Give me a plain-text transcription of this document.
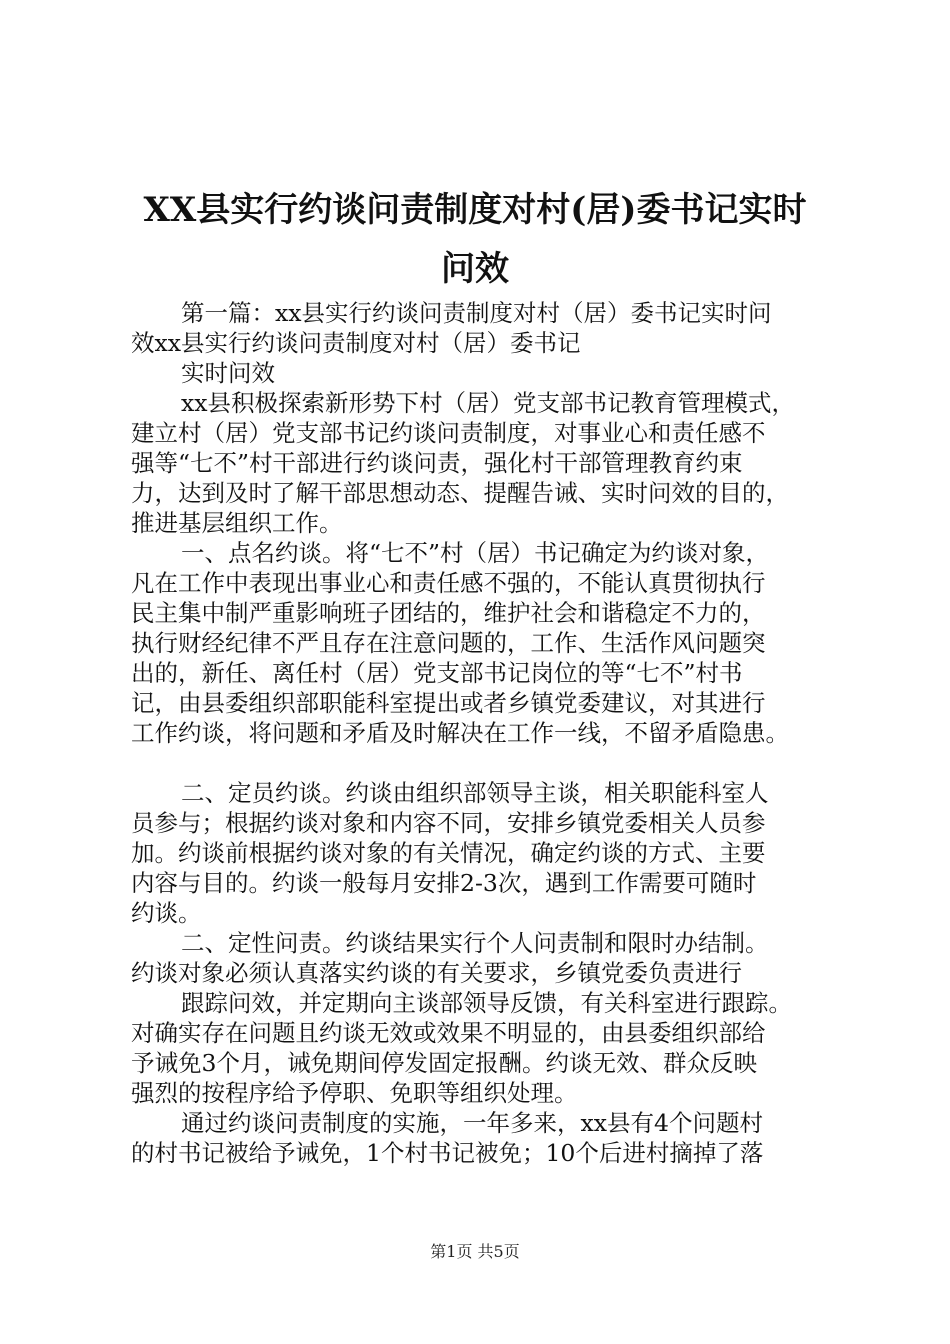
XX县实行约谈问责制度对村(居)委书记实时
问效
第一篇：xx县实行约谈问责制度对村（居）委书记实时问
效xx县实行约谈问责制度对村（居）委书记
实时问效
xx县积极探索新形势下村（居）党支部书记教育管理模式，
建立村（居）党支部书记约谈问责制度，对事业心和责任感不
强等“七不”村干部进行约谈问责，强化村干部管理教育约束
力，达到及时了解干部思想动态、提醒告诫、实时问效的目的，
推进基层组织工作。
一、点名约谈。将“七不”村（居）书记确定为约谈对象，
凡在工作中表现出事业心和责任感不强的，不能认真贯彻执行
民主集中制严重影响班子团结的，维护社会和谐稳定不力的，
执行财经纪律不严且存在注意问题的，工作、生活作风问题突
出的，新任、离任村（居）党支部书记岗位的等“七不”村书
记，由县委组织部职能科室提出或者乡镇党委建议，对其进行
工作约谈，将问题和矛盾及时解决在工作一线，不留矛盾隐患。
二、定员约谈。约谈由组织部领导主谈，相关职能科室人
员参与；根据约谈对象和内容不同，安排乡镇党委相关人员参
加。约谈前根据约谈对象的有关情况，确定约谈的方式、主要
内容与目的。约谈一般每月安排2-3次，遇到工作需要可随时
约谈。
二、定性问责。约谈结果实行个人问责制和限时办结制。
约谈对象必须认真落实约谈的有关要求，乡镇党委负责进行
跟踪问效，并定期向主谈部领导反馈，有关科室进行跟踪。
对确实存在问题且约谈无效或效果不明显的，由县委组织部给
予诫免3个月，诫免期间停发固定报酬。约谈无效、群众反映
强烈的按程序给予停职、免职等组织处理。
通过约谈问责制度的实施，一年多来，xx县有4个问题村
的村书记被给予诫免，1个村书记被免；10个后进村摘掉了落
第1页 共5页
